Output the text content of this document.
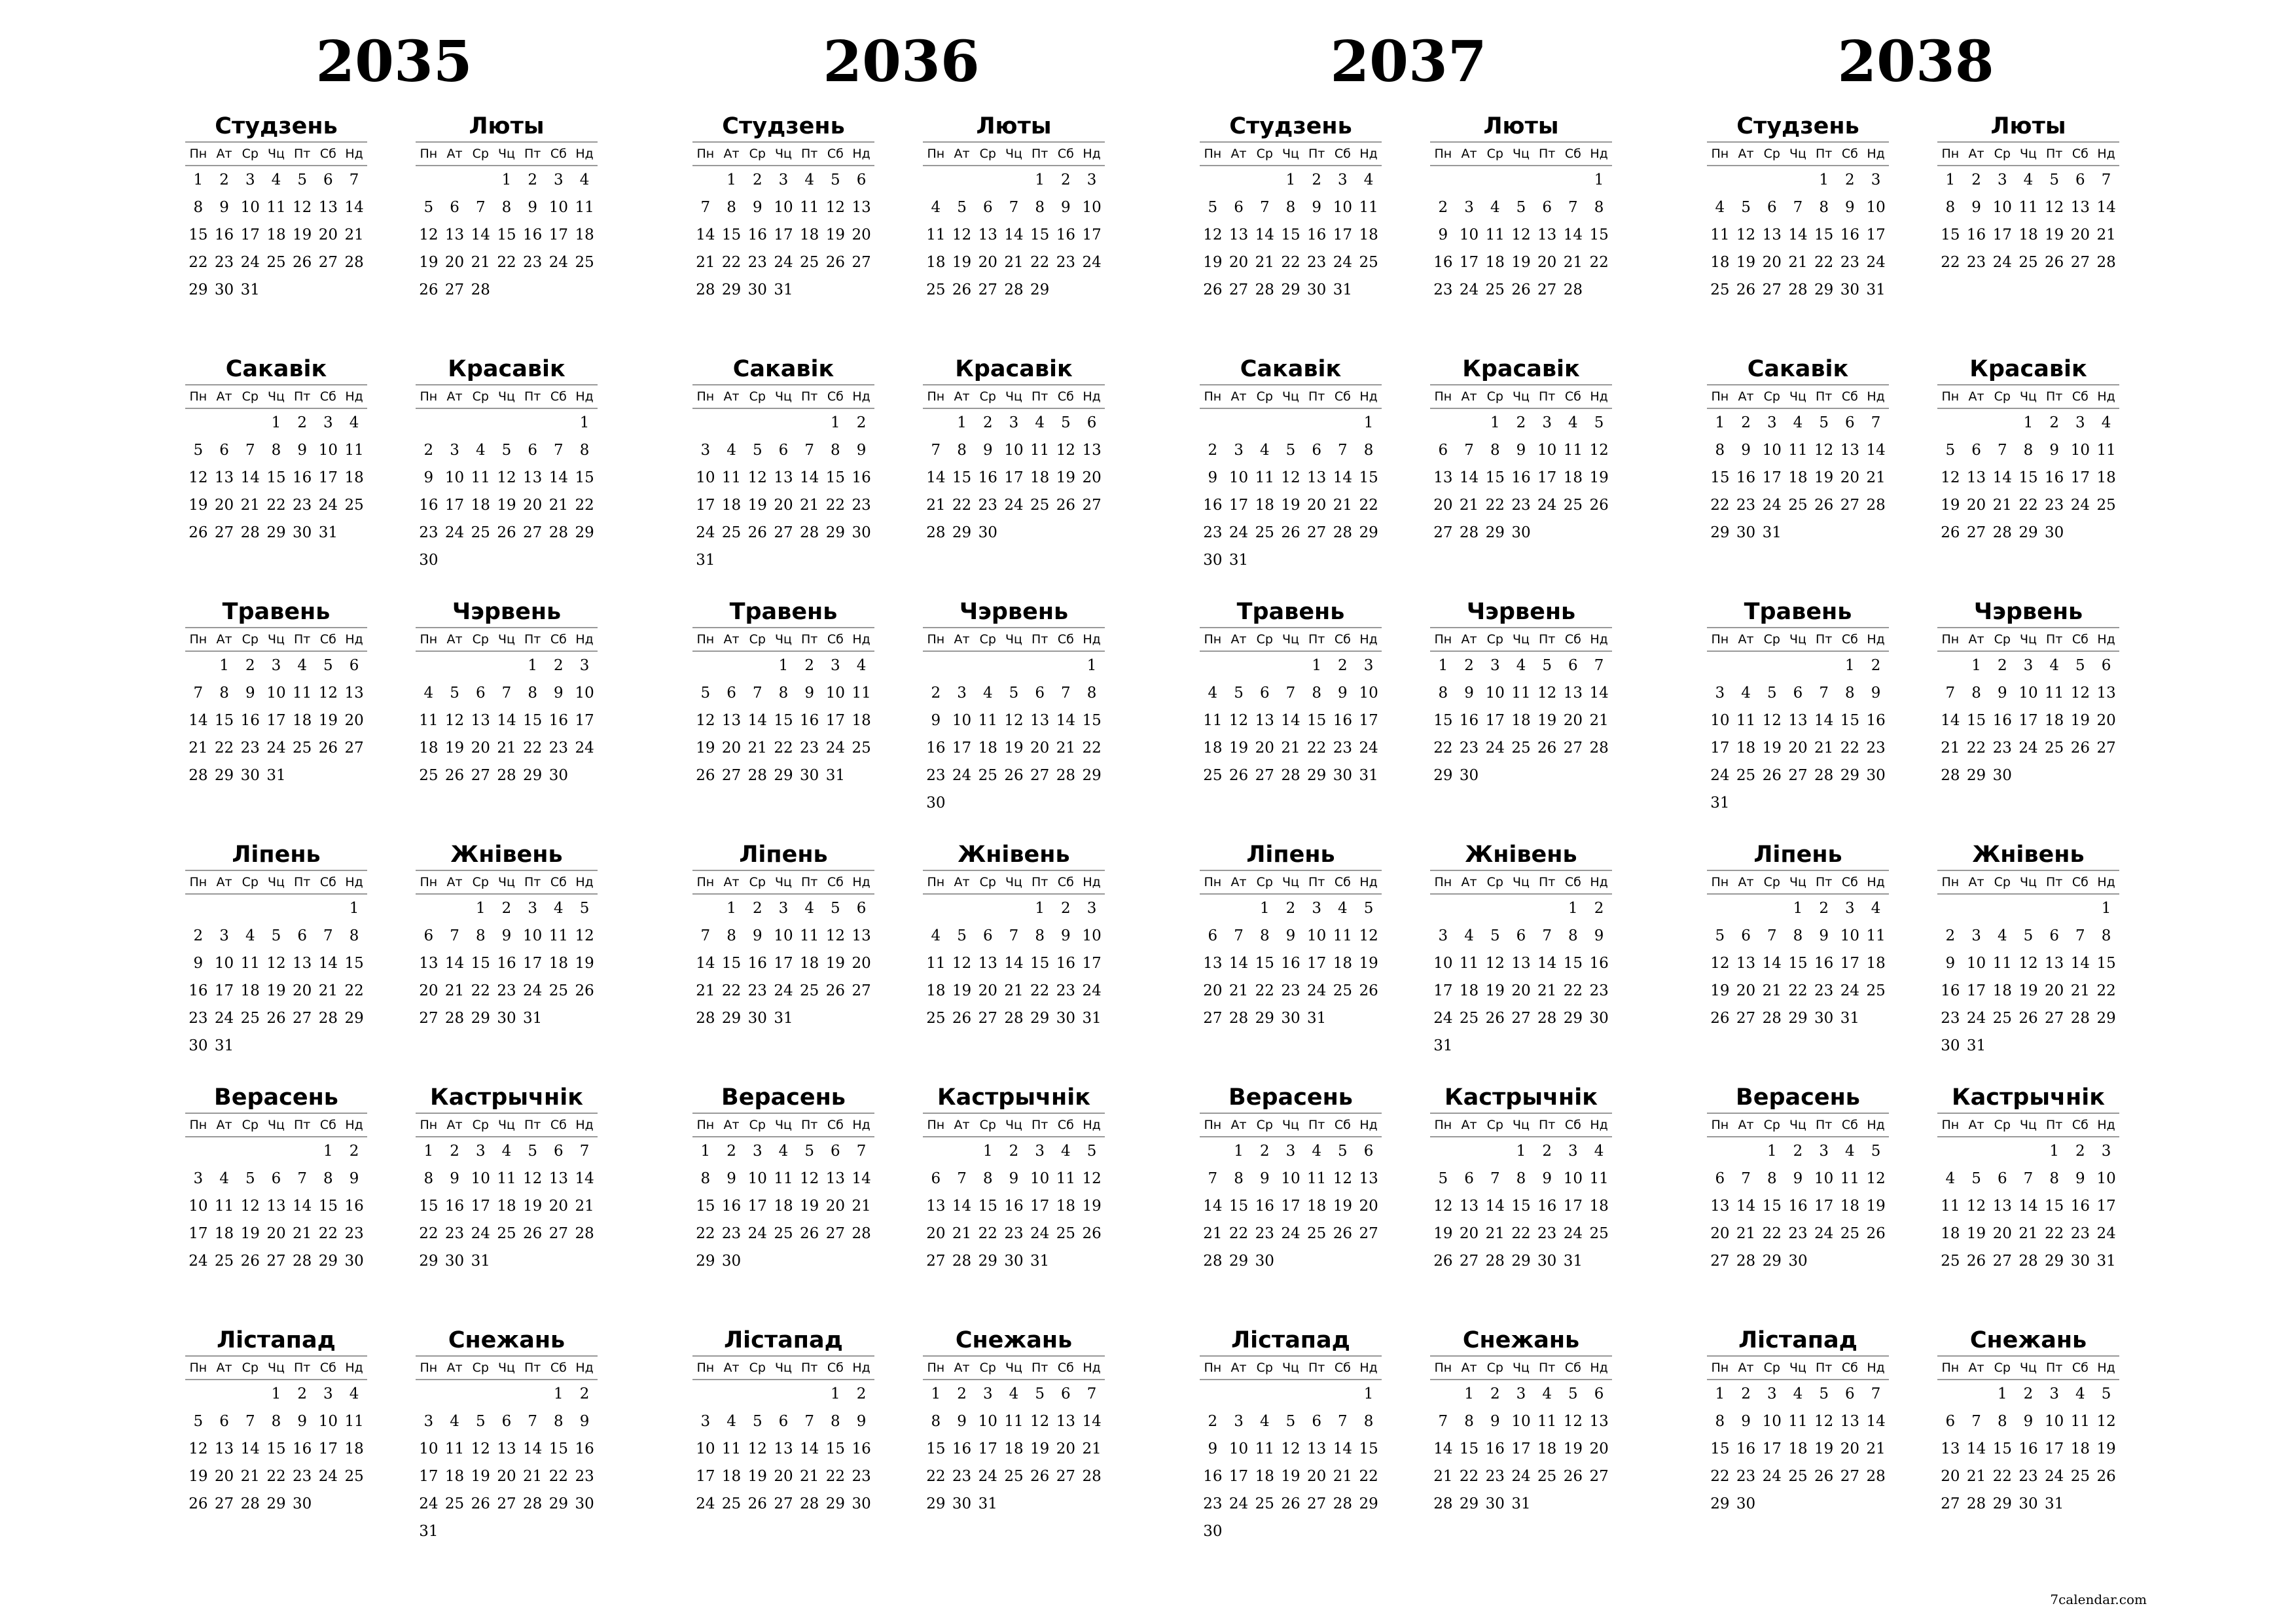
2035
Студзень
Пн	Ат	Ср	Чц	Пт	Сб	Нд
1	2	3	4	5	6	7
8	9	10	11	12	13	14
15	16	17	18	19	20	21
22	23	24	25	26	27	28
29	30	31				
Люты
Пн	Ат	Ср	Чц	Пт	Сб	Нд
			1	2	3	4
5	6	7	8	9	10	11
12	13	14	15	16	17	18
19	20	21	22	23	24	25
26	27	28				
Сакавік
Пн	Ат	Ср	Чц	Пт	Сб	Нд
			1	2	3	4
5	6	7	8	9	10	11
12	13	14	15	16	17	18
19	20	21	22	23	24	25
26	27	28	29	30	31	
Красавік
Пн	Ат	Ср	Чц	Пт	Сб	Нд
						1
2	3	4	5	6	7	8
9	10	11	12	13	14	15
16	17	18	19	20	21	22
23	24	25	26	27	28	29
30						
Травень
Пн	Ат	Ср	Чц	Пт	Сб	Нд
	1	2	3	4	5	6
7	8	9	10	11	12	13
14	15	16	17	18	19	20
21	22	23	24	25	26	27
28	29	30	31			
Чэрвень
Пн	Ат	Ср	Чц	Пт	Сб	Нд
				1	2	3
4	5	6	7	8	9	10
11	12	13	14	15	16	17
18	19	20	21	22	23	24
25	26	27	28	29	30	
Ліпень
Пн	Ат	Ср	Чц	Пт	Сб	Нд
						1
2	3	4	5	6	7	8
9	10	11	12	13	14	15
16	17	18	19	20	21	22
23	24	25	26	27	28	29
30	31					
Жнівень
Пн	Ат	Ср	Чц	Пт	Сб	Нд
		1	2	3	4	5
6	7	8	9	10	11	12
13	14	15	16	17	18	19
20	21	22	23	24	25	26
27	28	29	30	31		
Верасень
Пн	Ат	Ср	Чц	Пт	Сб	Нд
					1	2
3	4	5	6	7	8	9
10	11	12	13	14	15	16
17	18	19	20	21	22	23
24	25	26	27	28	29	30
Кастрычнік
Пн	Ат	Ср	Чц	Пт	Сб	Нд
1	2	3	4	5	6	7
8	9	10	11	12	13	14
15	16	17	18	19	20	21
22	23	24	25	26	27	28
29	30	31				
Лістапад
Пн	Ат	Ср	Чц	Пт	Сб	Нд
			1	2	3	4
5	6	7	8	9	10	11
12	13	14	15	16	17	18
19	20	21	22	23	24	25
26	27	28	29	30		
Снежань
Пн	Ат	Ср	Чц	Пт	Сб	Нд
					1	2
3	4	5	6	7	8	9
10	11	12	13	14	15	16
17	18	19	20	21	22	23
24	25	26	27	28	29	30
31						
2036
Студзень
Пн	Ат	Ср	Чц	Пт	Сб	Нд
	1	2	3	4	5	6
7	8	9	10	11	12	13
14	15	16	17	18	19	20
21	22	23	24	25	26	27
28	29	30	31			
Люты
Пн	Ат	Ср	Чц	Пт	Сб	Нд
				1	2	3
4	5	6	7	8	9	10
11	12	13	14	15	16	17
18	19	20	21	22	23	24
25	26	27	28	29		
Сакавік
Пн	Ат	Ср	Чц	Пт	Сб	Нд
					1	2
3	4	5	6	7	8	9
10	11	12	13	14	15	16
17	18	19	20	21	22	23
24	25	26	27	28	29	30
31						
Красавік
Пн	Ат	Ср	Чц	Пт	Сб	Нд
	1	2	3	4	5	6
7	8	9	10	11	12	13
14	15	16	17	18	19	20
21	22	23	24	25	26	27
28	29	30				
Травень
Пн	Ат	Ср	Чц	Пт	Сб	Нд
			1	2	3	4
5	6	7	8	9	10	11
12	13	14	15	16	17	18
19	20	21	22	23	24	25
26	27	28	29	30	31	
Чэрвень
Пн	Ат	Ср	Чц	Пт	Сб	Нд
						1
2	3	4	5	6	7	8
9	10	11	12	13	14	15
16	17	18	19	20	21	22
23	24	25	26	27	28	29
30						
Ліпень
Пн	Ат	Ср	Чц	Пт	Сб	Нд
	1	2	3	4	5	6
7	8	9	10	11	12	13
14	15	16	17	18	19	20
21	22	23	24	25	26	27
28	29	30	31			
Жнівень
Пн	Ат	Ср	Чц	Пт	Сб	Нд
				1	2	3
4	5	6	7	8	9	10
11	12	13	14	15	16	17
18	19	20	21	22	23	24
25	26	27	28	29	30	31
Верасень
Пн	Ат	Ср	Чц	Пт	Сб	Нд
1	2	3	4	5	6	7
8	9	10	11	12	13	14
15	16	17	18	19	20	21
22	23	24	25	26	27	28
29	30					
Кастрычнік
Пн	Ат	Ср	Чц	Пт	Сб	Нд
		1	2	3	4	5
6	7	8	9	10	11	12
13	14	15	16	17	18	19
20	21	22	23	24	25	26
27	28	29	30	31		
Лістапад
Пн	Ат	Ср	Чц	Пт	Сб	Нд
					1	2
3	4	5	6	7	8	9
10	11	12	13	14	15	16
17	18	19	20	21	22	23
24	25	26	27	28	29	30
Снежань
Пн	Ат	Ср	Чц	Пт	Сб	Нд
1	2	3	4	5	6	7
8	9	10	11	12	13	14
15	16	17	18	19	20	21
22	23	24	25	26	27	28
29	30	31				
2037
Студзень
Пн	Ат	Ср	Чц	Пт	Сб	Нд
			1	2	3	4
5	6	7	8	9	10	11
12	13	14	15	16	17	18
19	20	21	22	23	24	25
26	27	28	29	30	31	
Люты
Пн	Ат	Ср	Чц	Пт	Сб	Нд
						1
2	3	4	5	6	7	8
9	10	11	12	13	14	15
16	17	18	19	20	21	22
23	24	25	26	27	28	
Сакавік
Пн	Ат	Ср	Чц	Пт	Сб	Нд
						1
2	3	4	5	6	7	8
9	10	11	12	13	14	15
16	17	18	19	20	21	22
23	24	25	26	27	28	29
30	31					
Красавік
Пн	Ат	Ср	Чц	Пт	Сб	Нд
		1	2	3	4	5
6	7	8	9	10	11	12
13	14	15	16	17	18	19
20	21	22	23	24	25	26
27	28	29	30			
Травень
Пн	Ат	Ср	Чц	Пт	Сб	Нд
				1	2	3
4	5	6	7	8	9	10
11	12	13	14	15	16	17
18	19	20	21	22	23	24
25	26	27	28	29	30	31
Чэрвень
Пн	Ат	Ср	Чц	Пт	Сб	Нд
1	2	3	4	5	6	7
8	9	10	11	12	13	14
15	16	17	18	19	20	21
22	23	24	25	26	27	28
29	30					
Ліпень
Пн	Ат	Ср	Чц	Пт	Сб	Нд
		1	2	3	4	5
6	7	8	9	10	11	12
13	14	15	16	17	18	19
20	21	22	23	24	25	26
27	28	29	30	31		
Жнівень
Пн	Ат	Ср	Чц	Пт	Сб	Нд
					1	2
3	4	5	6	7	8	9
10	11	12	13	14	15	16
17	18	19	20	21	22	23
24	25	26	27	28	29	30
31						
Верасень
Пн	Ат	Ср	Чц	Пт	Сб	Нд
	1	2	3	4	5	6
7	8	9	10	11	12	13
14	15	16	17	18	19	20
21	22	23	24	25	26	27
28	29	30				
Кастрычнік
Пн	Ат	Ср	Чц	Пт	Сб	Нд
			1	2	3	4
5	6	7	8	9	10	11
12	13	14	15	16	17	18
19	20	21	22	23	24	25
26	27	28	29	30	31	
Лістапад
Пн	Ат	Ср	Чц	Пт	Сб	Нд
						1
2	3	4	5	6	7	8
9	10	11	12	13	14	15
16	17	18	19	20	21	22
23	24	25	26	27	28	29
30						
Снежань
Пн	Ат	Ср	Чц	Пт	Сб	Нд
	1	2	3	4	5	6
7	8	9	10	11	12	13
14	15	16	17	18	19	20
21	22	23	24	25	26	27
28	29	30	31			
2038
Студзень
Пн	Ат	Ср	Чц	Пт	Сб	Нд
				1	2	3
4	5	6	7	8	9	10
11	12	13	14	15	16	17
18	19	20	21	22	23	24
25	26	27	28	29	30	31
Люты
Пн	Ат	Ср	Чц	Пт	Сб	Нд
1	2	3	4	5	6	7
8	9	10	11	12	13	14
15	16	17	18	19	20	21
22	23	24	25	26	27	28
Сакавік
Пн	Ат	Ср	Чц	Пт	Сб	Нд
1	2	3	4	5	6	7
8	9	10	11	12	13	14
15	16	17	18	19	20	21
22	23	24	25	26	27	28
29	30	31				
Красавік
Пн	Ат	Ср	Чц	Пт	Сб	Нд
			1	2	3	4
5	6	7	8	9	10	11
12	13	14	15	16	17	18
19	20	21	22	23	24	25
26	27	28	29	30		
Травень
Пн	Ат	Ср	Чц	Пт	Сб	Нд
					1	2
3	4	5	6	7	8	9
10	11	12	13	14	15	16
17	18	19	20	21	22	23
24	25	26	27	28	29	30
31						
Чэрвень
Пн	Ат	Ср	Чц	Пт	Сб	Нд
	1	2	3	4	5	6
7	8	9	10	11	12	13
14	15	16	17	18	19	20
21	22	23	24	25	26	27
28	29	30				
Ліпень
Пн	Ат	Ср	Чц	Пт	Сб	Нд
			1	2	3	4
5	6	7	8	9	10	11
12	13	14	15	16	17	18
19	20	21	22	23	24	25
26	27	28	29	30	31	
Жнівень
Пн	Ат	Ср	Чц	Пт	Сб	Нд
						1
2	3	4	5	6	7	8
9	10	11	12	13	14	15
16	17	18	19	20	21	22
23	24	25	26	27	28	29
30	31					
Верасень
Пн	Ат	Ср	Чц	Пт	Сб	Нд
		1	2	3	4	5
6	7	8	9	10	11	12
13	14	15	16	17	18	19
20	21	22	23	24	25	26
27	28	29	30			
Кастрычнік
Пн	Ат	Ср	Чц	Пт	Сб	Нд
				1	2	3
4	5	6	7	8	9	10
11	12	13	14	15	16	17
18	19	20	21	22	23	24
25	26	27	28	29	30	31
Лістапад
Пн	Ат	Ср	Чц	Пт	Сб	Нд
1	2	3	4	5	6	7
8	9	10	11	12	13	14
15	16	17	18	19	20	21
22	23	24	25	26	27	28
29	30					
Снежань
Пн	Ат	Ср	Чц	Пт	Сб	Нд
		1	2	3	4	5
6	7	8	9	10	11	12
13	14	15	16	17	18	19
20	21	22	23	24	25	26
27	28	29	30	31		
7calendar.com
